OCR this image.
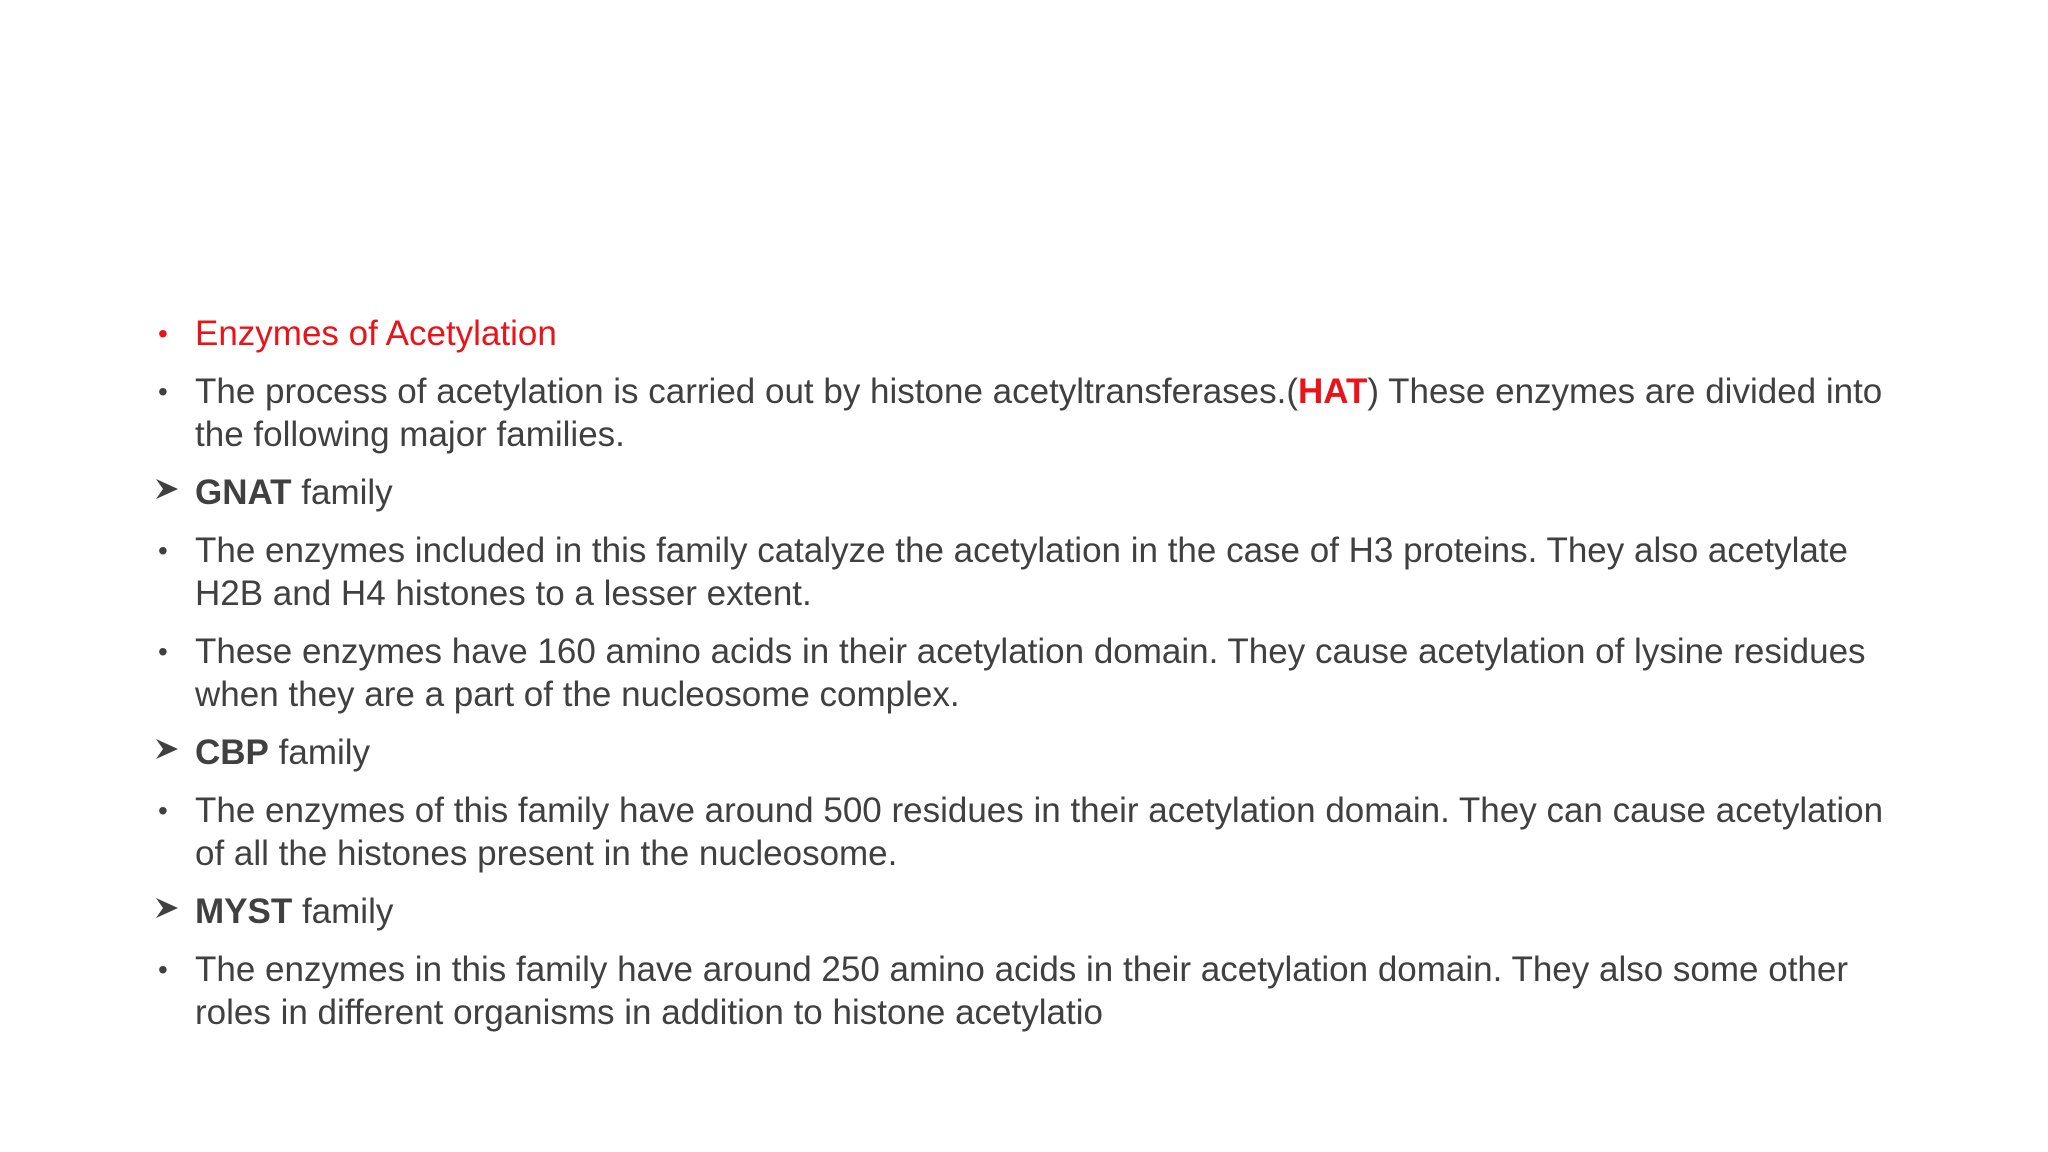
• Enzymes of Acetylation
• The process of acetylation is carried out by histone acetyltransferases.(HAT) These enzymes are divided into the following major families.
GNAT family
• The enzymes included in this family catalyze the acetylation in the case of H3 proteins. They also acetylate H2B and H4 histones to a lesser extent.
• These enzymes have 160 amino acids in their acetylation domain. They cause acetylation of lysine residues when they are a part of the nucleosome complex.
CBP family
• The enzymes of this family have around 500 residues in their acetylation domain. They can cause acetylation of all the histones present in the nucleosome.
MYST family
• The enzymes in this family have around 250 amino acids in their acetylation domain. They also some other roles in different organisms in addition to histone acetylatio
